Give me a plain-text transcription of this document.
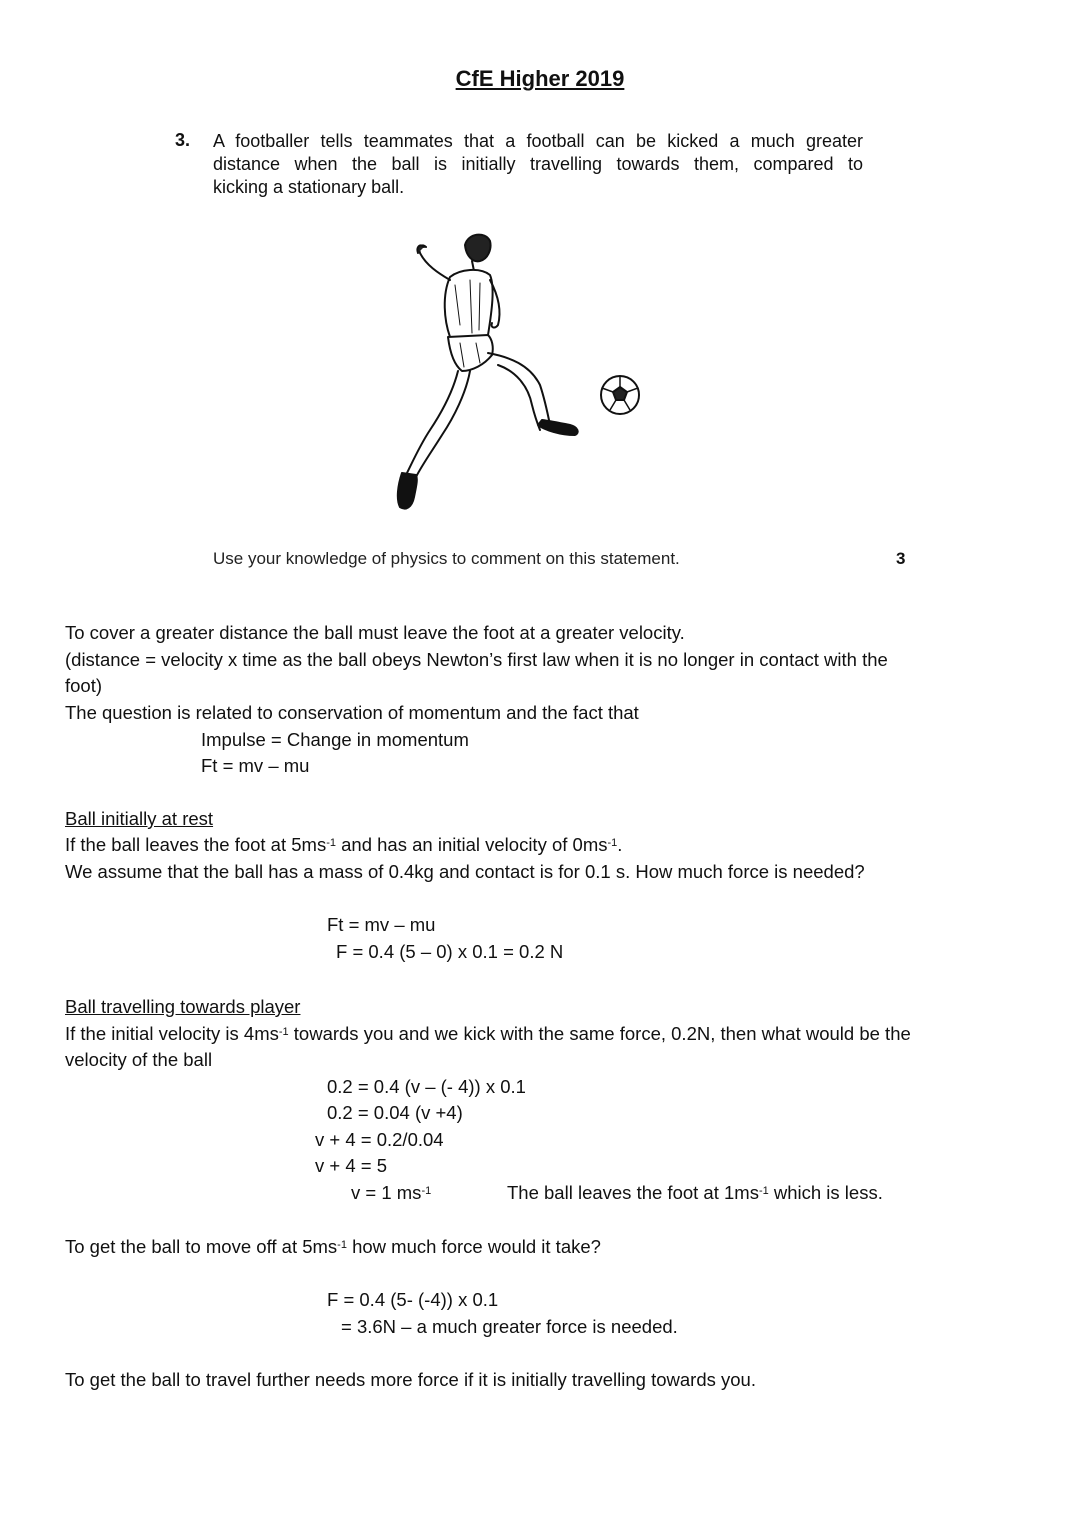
CfE Higher 2019
3. A footballer tells teammates that a football can be kicked a much greater
distance when the ball is initially travelling towards them, compared to
kicking a stationary ball.
Use your knowledge of physics to comment on this statement.	3
To cover a greater distance the ball must leave the foot at a greater velocity.
(distance = velocity x time as the ball obeys Newton’s first law when it is no longer in contact with the
foot)
The question is related to conservation of momentum and the fact that
Impulse = Change in momentum
Ft = mv – mu
Ball initially at rest
If the ball leaves the foot at $5ms^{-1}$ and has an initial velocity of $0ms^{-1}$.
We assume that the ball has a mass of 0.4kg and contact is for 0.1 s. How much force is needed?
Ft = mv – mu
F = 0.4 (5 – 0) x 0.1 = 0.2 N
Ball travelling towards player
If the initial velocity is $4ms^{-1}$ towards you and we kick with the same force, 0.2N, then what would be the
velocity of the ball
0.2 = 0.4 (v – (- 4)) x 0.1
0.2 = 0.04 (v +4)
v + 4 = 0.2/0.04
v + 4 = 5
v = 1 $ms^{-1}$	The ball leaves the foot at $1ms^{-1}$ which is less.
To get the ball to move off at $5ms^{-1}$ how much force would it take?
F = 0.4 (5- (-4)) x 0.1
= 3.6N – a much greater force is needed.
To get the ball to travel further needs more force if it is initially travelling towards you.
